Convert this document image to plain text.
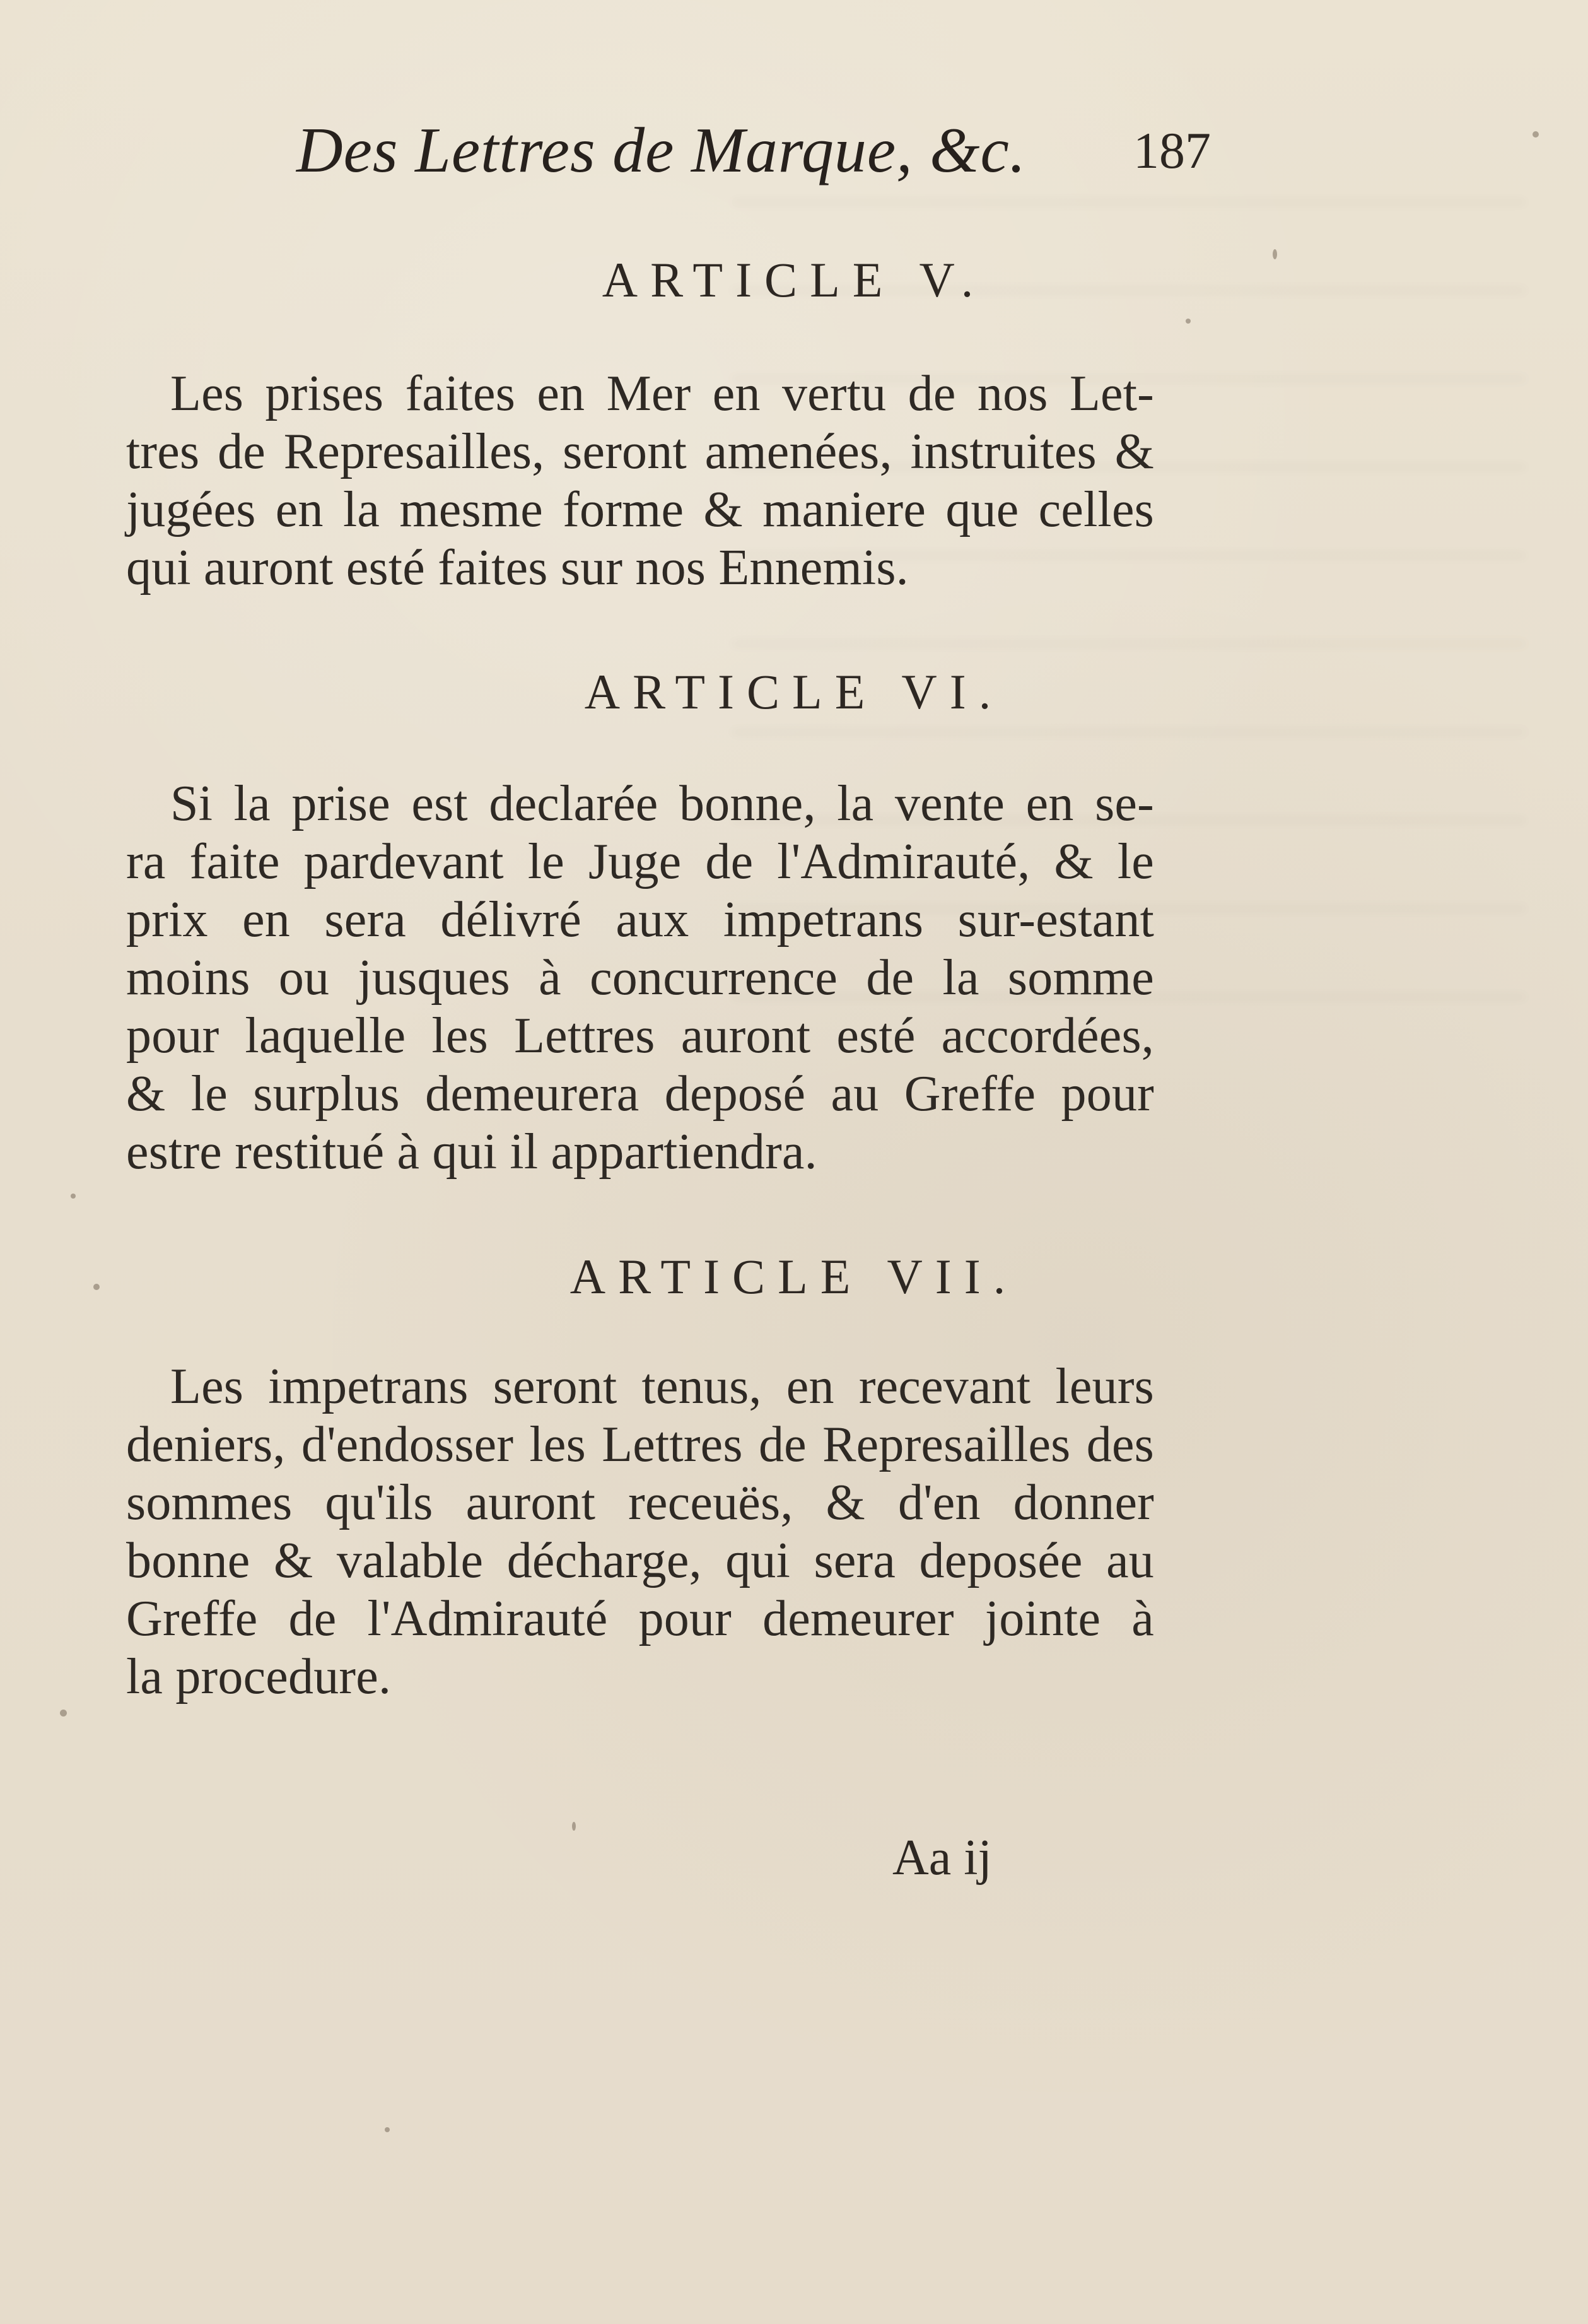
Des Lettres de Marque, &c. 187
ARTICLE V.
Les prises faites en Mer en vertu de nos Let-
tres de Represailles, seront amenées, instruites &
jugées en la mesme forme & maniere que celles
qui auront esté faites sur nos Ennemis.
ARTICLE VI.
Si la prise est declarée bonne, la vente en se-
ra faite pardevant le Juge de l'Admirauté, & le
prix en sera délivré aux impetrans sur-estant
moins ou jusques à concurrence de la somme
pour laquelle les Lettres auront esté accordées,
& le surplus demeurera deposé au Greffe pour
estre restitué à qui il appartiendra.
ARTICLE VII.
Les impetrans seront tenus, en recevant leurs
deniers, d'endosser les Lettres de Represailles des
sommes qu'ils auront receuës, & d'en donner
bonne & valable décharge, qui sera deposée au
Greffe de l'Admirauté pour demeurer jointe à
la procedure.
Aa ij
